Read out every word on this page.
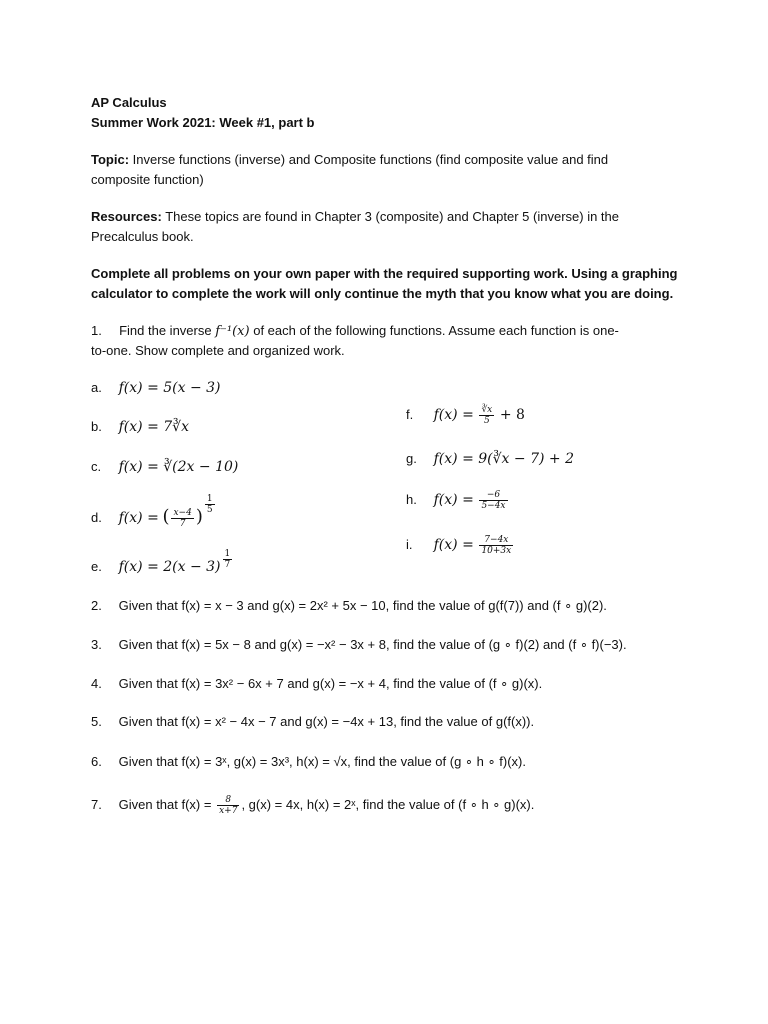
AP Calculus
Summer Work 2021: Week #1, part b
Topic: Inverse functions (inverse) and Composite functions (find composite value and find
composite function)
Resources: These topics are found in Chapter 3 (composite) and Chapter 5 (inverse) in the
Precalculus book.
Complete all problems on your own paper with the required supporting work. Using a graphing
calculator to complete the work will only continue the myth that you know what you are doing.
1. Find the inverse f⁻¹(x) of each of the following functions. Assume each function is one-
to-one. Show complete and organized work.
a. f(x) = 5(x − 3)
b. f(x) = 7∛x
c. f(x) = ∛(2x − 10)
d. f(x) = ( $\frac{x-4}{7}$ )
$\frac{1}{5}$
e. $f(x) = 2(x - 3) \frac{1}{7}$
f. $f(x) = \frac{∛x}{5} + 8$
g. f(x) = 9(∛x − 7) + 2
h. $f(x) = \frac{-6}{5-4x}$
i. $f(x) = \frac{7-4x}{10+3x}$
2. Given that f(x) = x − 3 and g(x) = 2x² + 5x − 10, find the value of g(f(7)) and (f ∘ g)(2).
3. Given that f(x) = 5x − 8 and g(x) = −x² − 3x + 8, find the value of (g ∘ f)(2) and (f ∘ f)(−3).
4. Given that f(x) = 3x² − 6x + 7 and g(x) = −x + 4, find the value of (f ∘ g)(x).
5. Given that f(x) = x² − 4x − 7 and g(x) = −4x + 13, find the value of g(f(x)).
6. Given that f(x) = 3ˣ, g(x) = 3x³, h(x) = √x, find the value of (g ∘ h ∘ f)(x).
7. Given that $f(x) = \frac{8}{x+7}$ , g(x) = 4x, h(x) = 2ˣ, find the value of (f ∘ h ∘ g)(x).
